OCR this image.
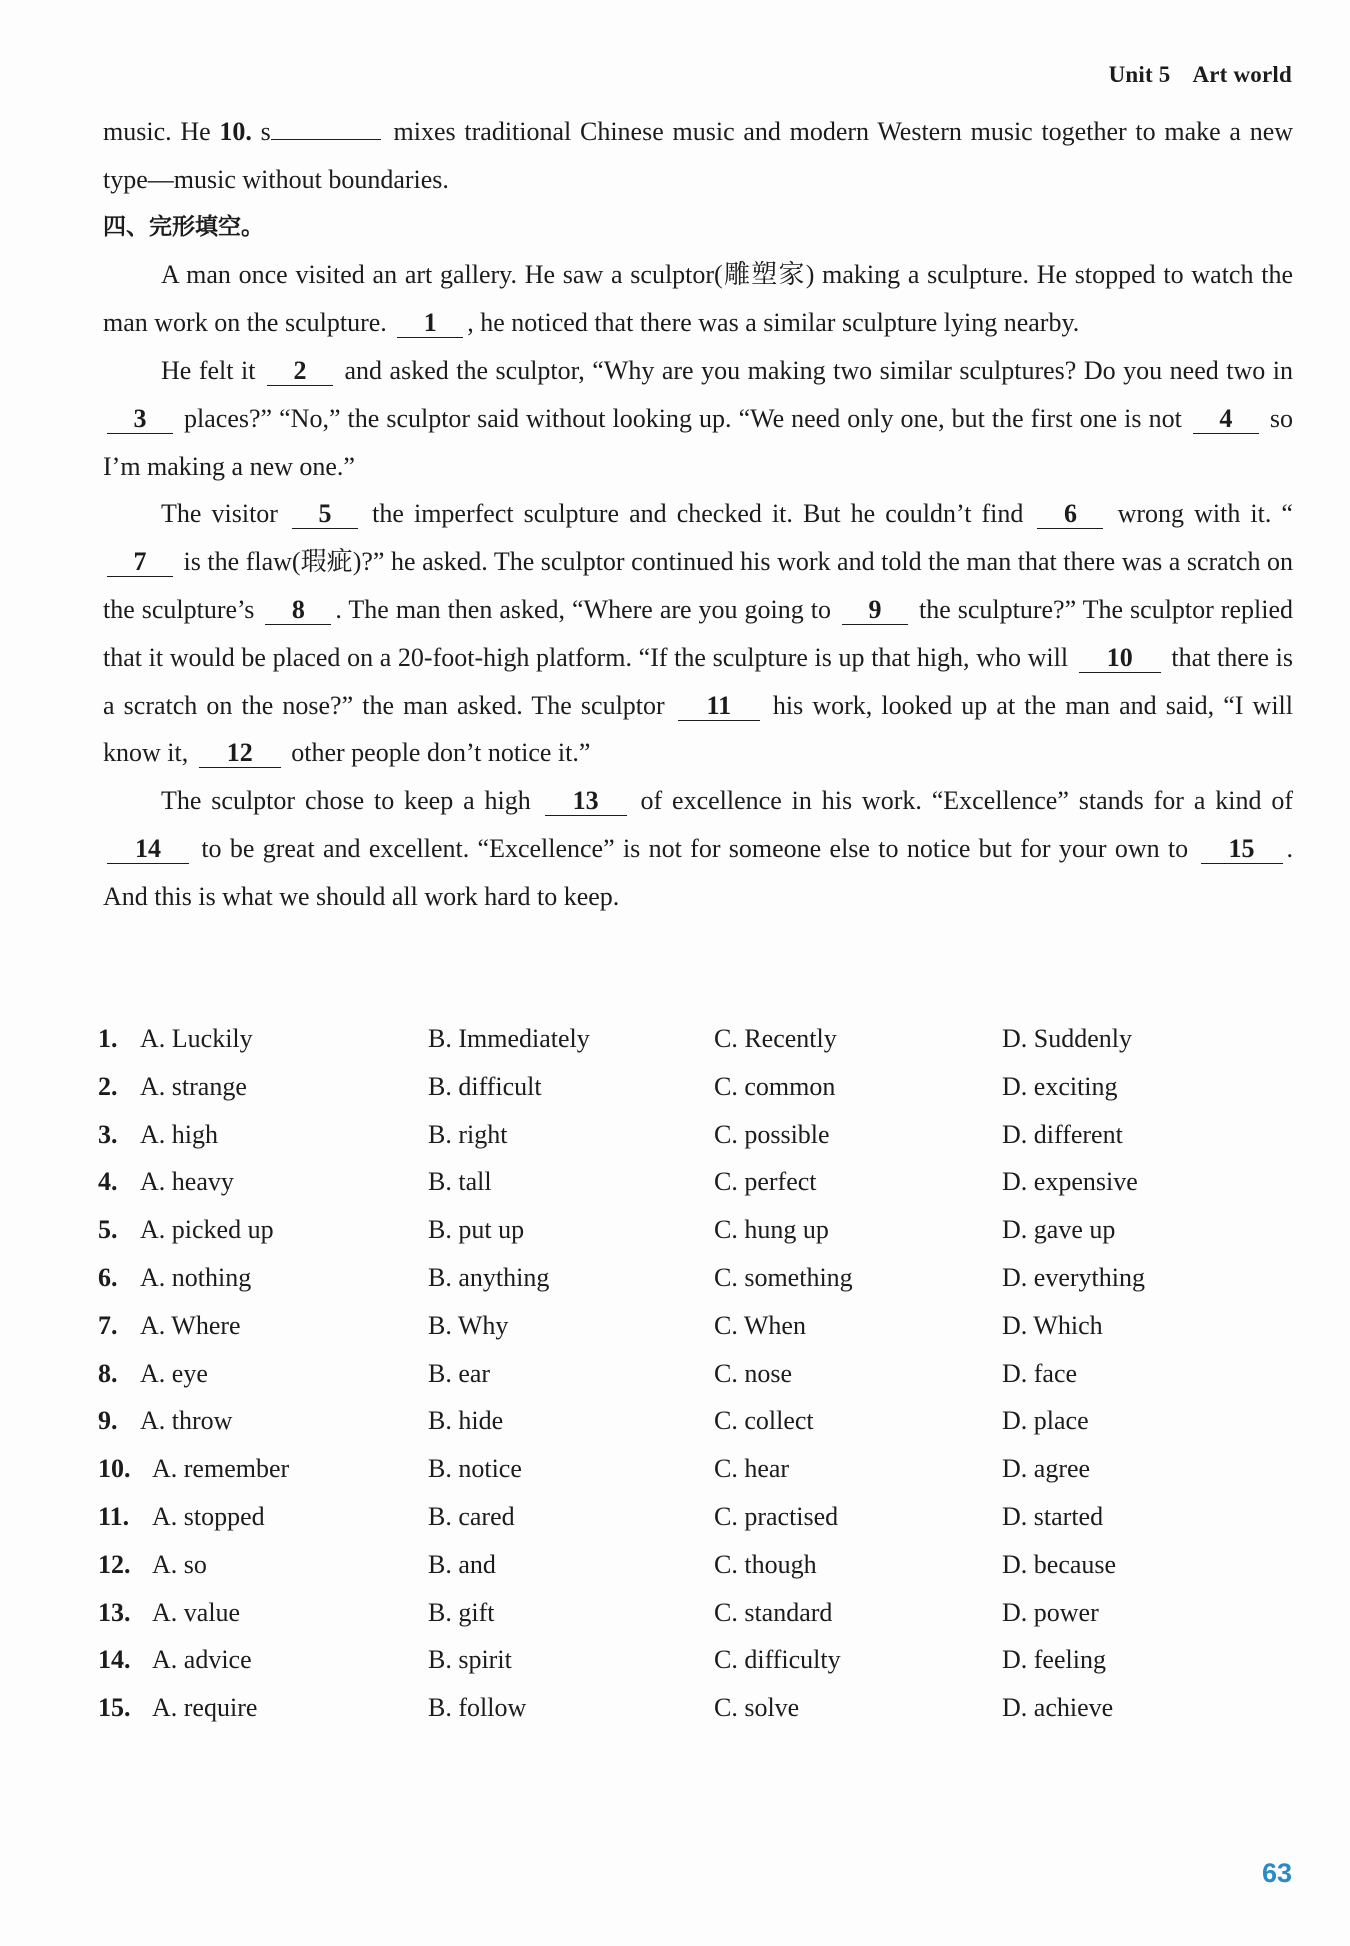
Unit 5 Art world

music. He 10. s	mixes traditional Chinese music and modern Western music together to make a new type—music without boundaries.

四、完形填空。

A man once visited an art gallery. He saw a sculptor(雕塑家) making a sculpture. He stopped to watch the man work on the sculpture. 1 , he noticed that there was a similar sculpture lying nearby.

He felt it 2 and asked the sculptor, “Why are you making two similar sculptures? Do you need two in 3 places?” “No,” the sculptor said without looking up. “We need only one, but the first one is not 4 so I’m making a new one.”

The visitor 5 the imperfect sculpture and checked it. But he couldn’t find 6 wrong with it. “7 is the flaw(瑕疵)?” he asked. The sculptor continued his work and told the man that there was a scratch on the sculpture’s 8 . The man then asked, “Where are you going to 9 the sculpture?” The sculptor replied that it would be placed on a 20-foot-high platform. “If the sculpture is up that high, who will 10 that there is a scratch on the nose?” the man asked. The sculptor 11 his work, looked up at the man and said, “I will know it, 12 other people don’t notice it.”

The sculptor chose to keep a high 13 of excellence in his work. “Excellence” stands for a kind of 14 to be great and excellent. “Excellence” is not for someone else to notice but for your own to 15 . And this is what we should all work hard to keep.

1. A. Luckily	B. Immediately	C. Recently	D. Suddenly
2. A. strange	B. difficult	C. common	D. exciting
3. A. high	B. right	C. possible	D. different
4. A. heavy	B. tall	C. perfect	D. expensive
5. A. picked up	B. put up	C. hung up	D. gave up
6. A. nothing	B. anything	C. something	D. everything
7. A. Where	B. Why	C. When	D. Which
8. A. eye	B. ear	C. nose	D. face
9. A. throw	B. hide	C. collect	D. place
10. A. remember	B. notice	C. hear	D. agree
11. A. stopped	B. cared	C. practised	D. started
12. A. so	B. and	C. though	D. because
13. A. value	B. gift	C. standard	D. power
14. A. advice	B. spirit	C. difficulty	D. feeling
15. A. require	B. follow	C. solve	D. achieve
63
